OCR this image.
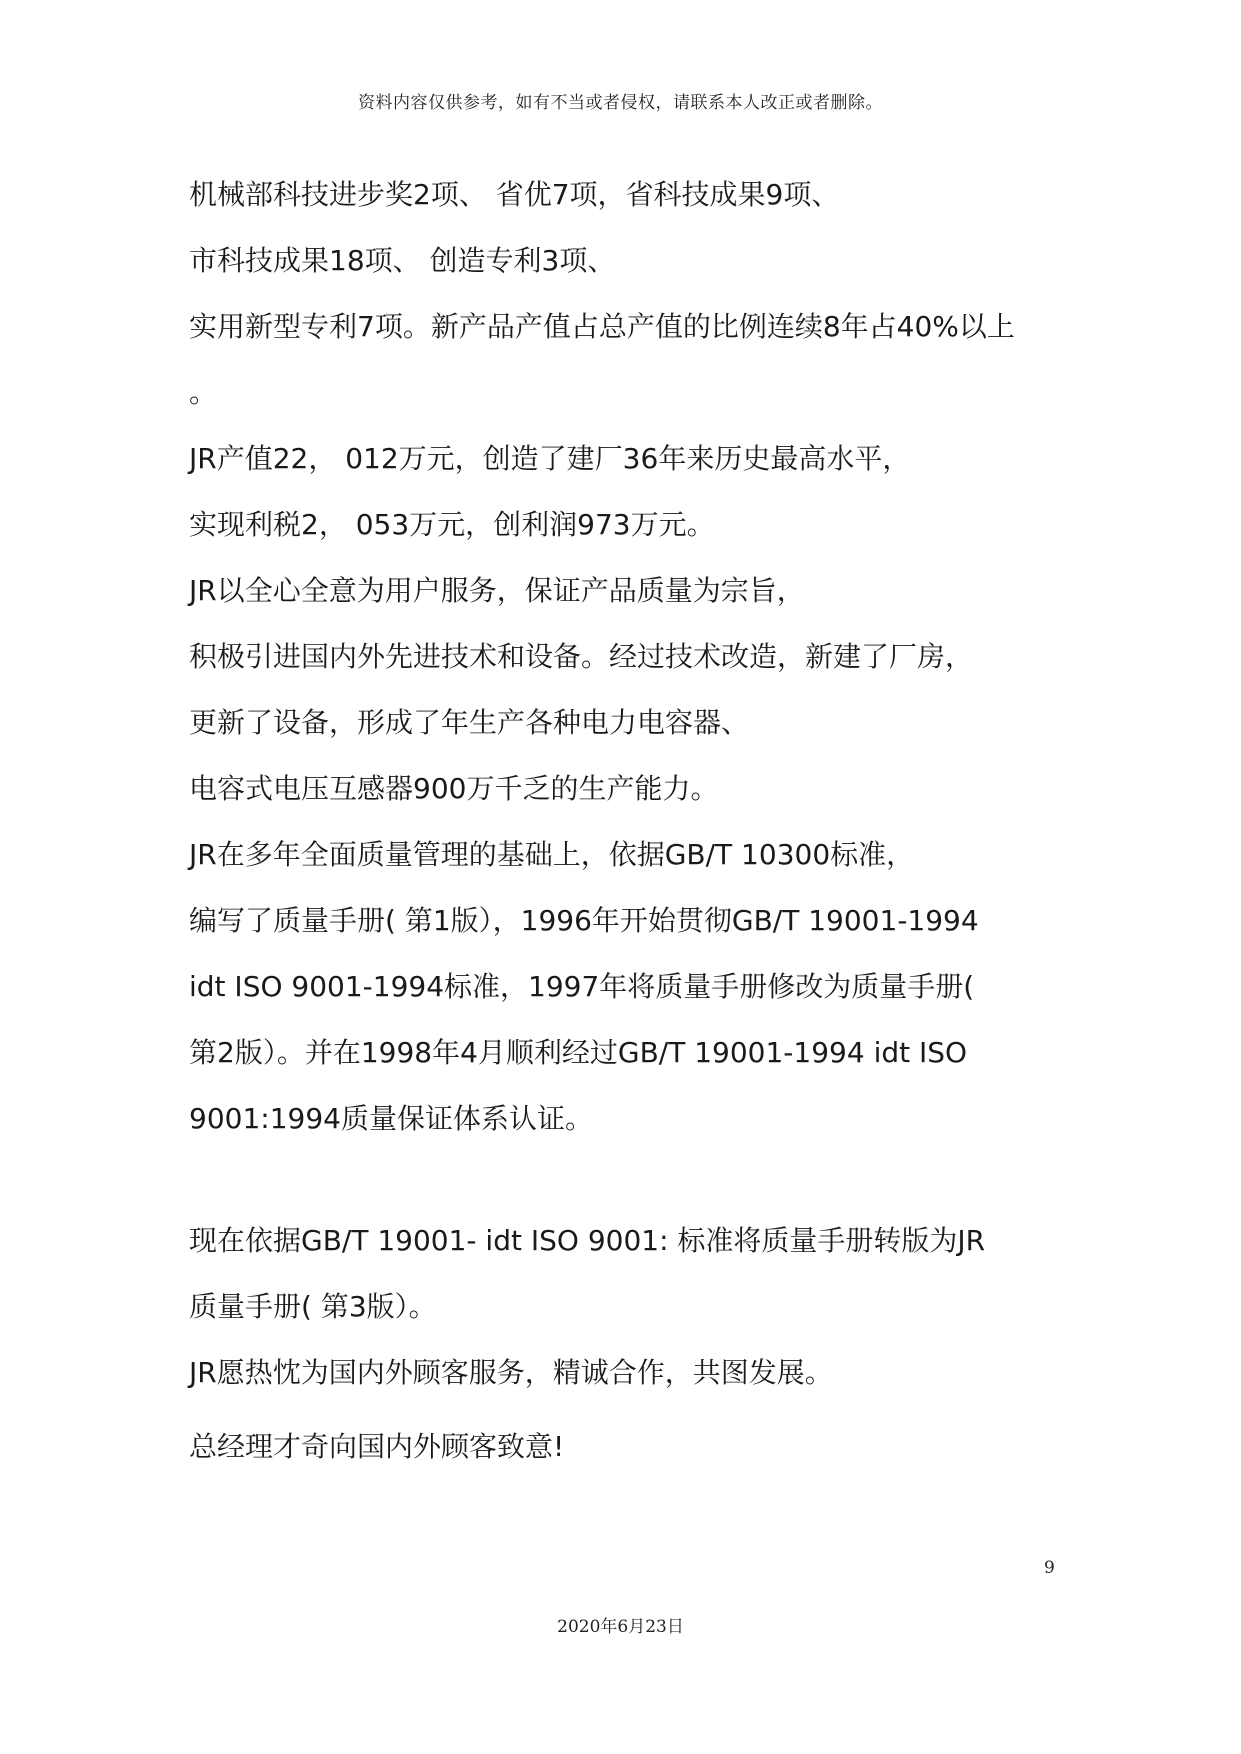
资料内容仅供参考，如有不当或者侵权，请联系本人改正或者删除。
机械部科技进步奖2项、 省优7项，省科技成果9项、
市科技成果18项、 创造专利3项、
实用新型专利7项。新产品产值占总产值的比例连续8年占40%以上
。
JR产值22， 012万元，创造了建厂36年来历史最高水平，
实现利税2， 053万元，创利润973万元。
JR以全心全意为用户服务，保证产品质量为宗旨，
积极引进国内外先进技术和设备。经过技术改造，新建了厂房，
更新了设备，形成了年生产各种电力电容器、
电容式电压互感器900万千乏的生产能力。
JR在多年全面质量管理的基础上，依据GB/T 10300标准，
编写了质量手册( 第1版），1996年开始贯彻GB/T 19001-1994
idt ISO 9001-1994标准，1997年将质量手册修改为质量手册(
第2版）。并在1998年4月顺利经过GB/T 19001-1994 idt ISO
9001:1994质量保证体系认证。
现在依据GB/T 19001- idt ISO 9001: 标准将质量手册转版为JR
质量手册( 第3版）。
JR愿热忱为国内外顾客服务，精诚合作，共图发展。
总经理才奇向国内外顾客致意!
9
2020年6月23日
